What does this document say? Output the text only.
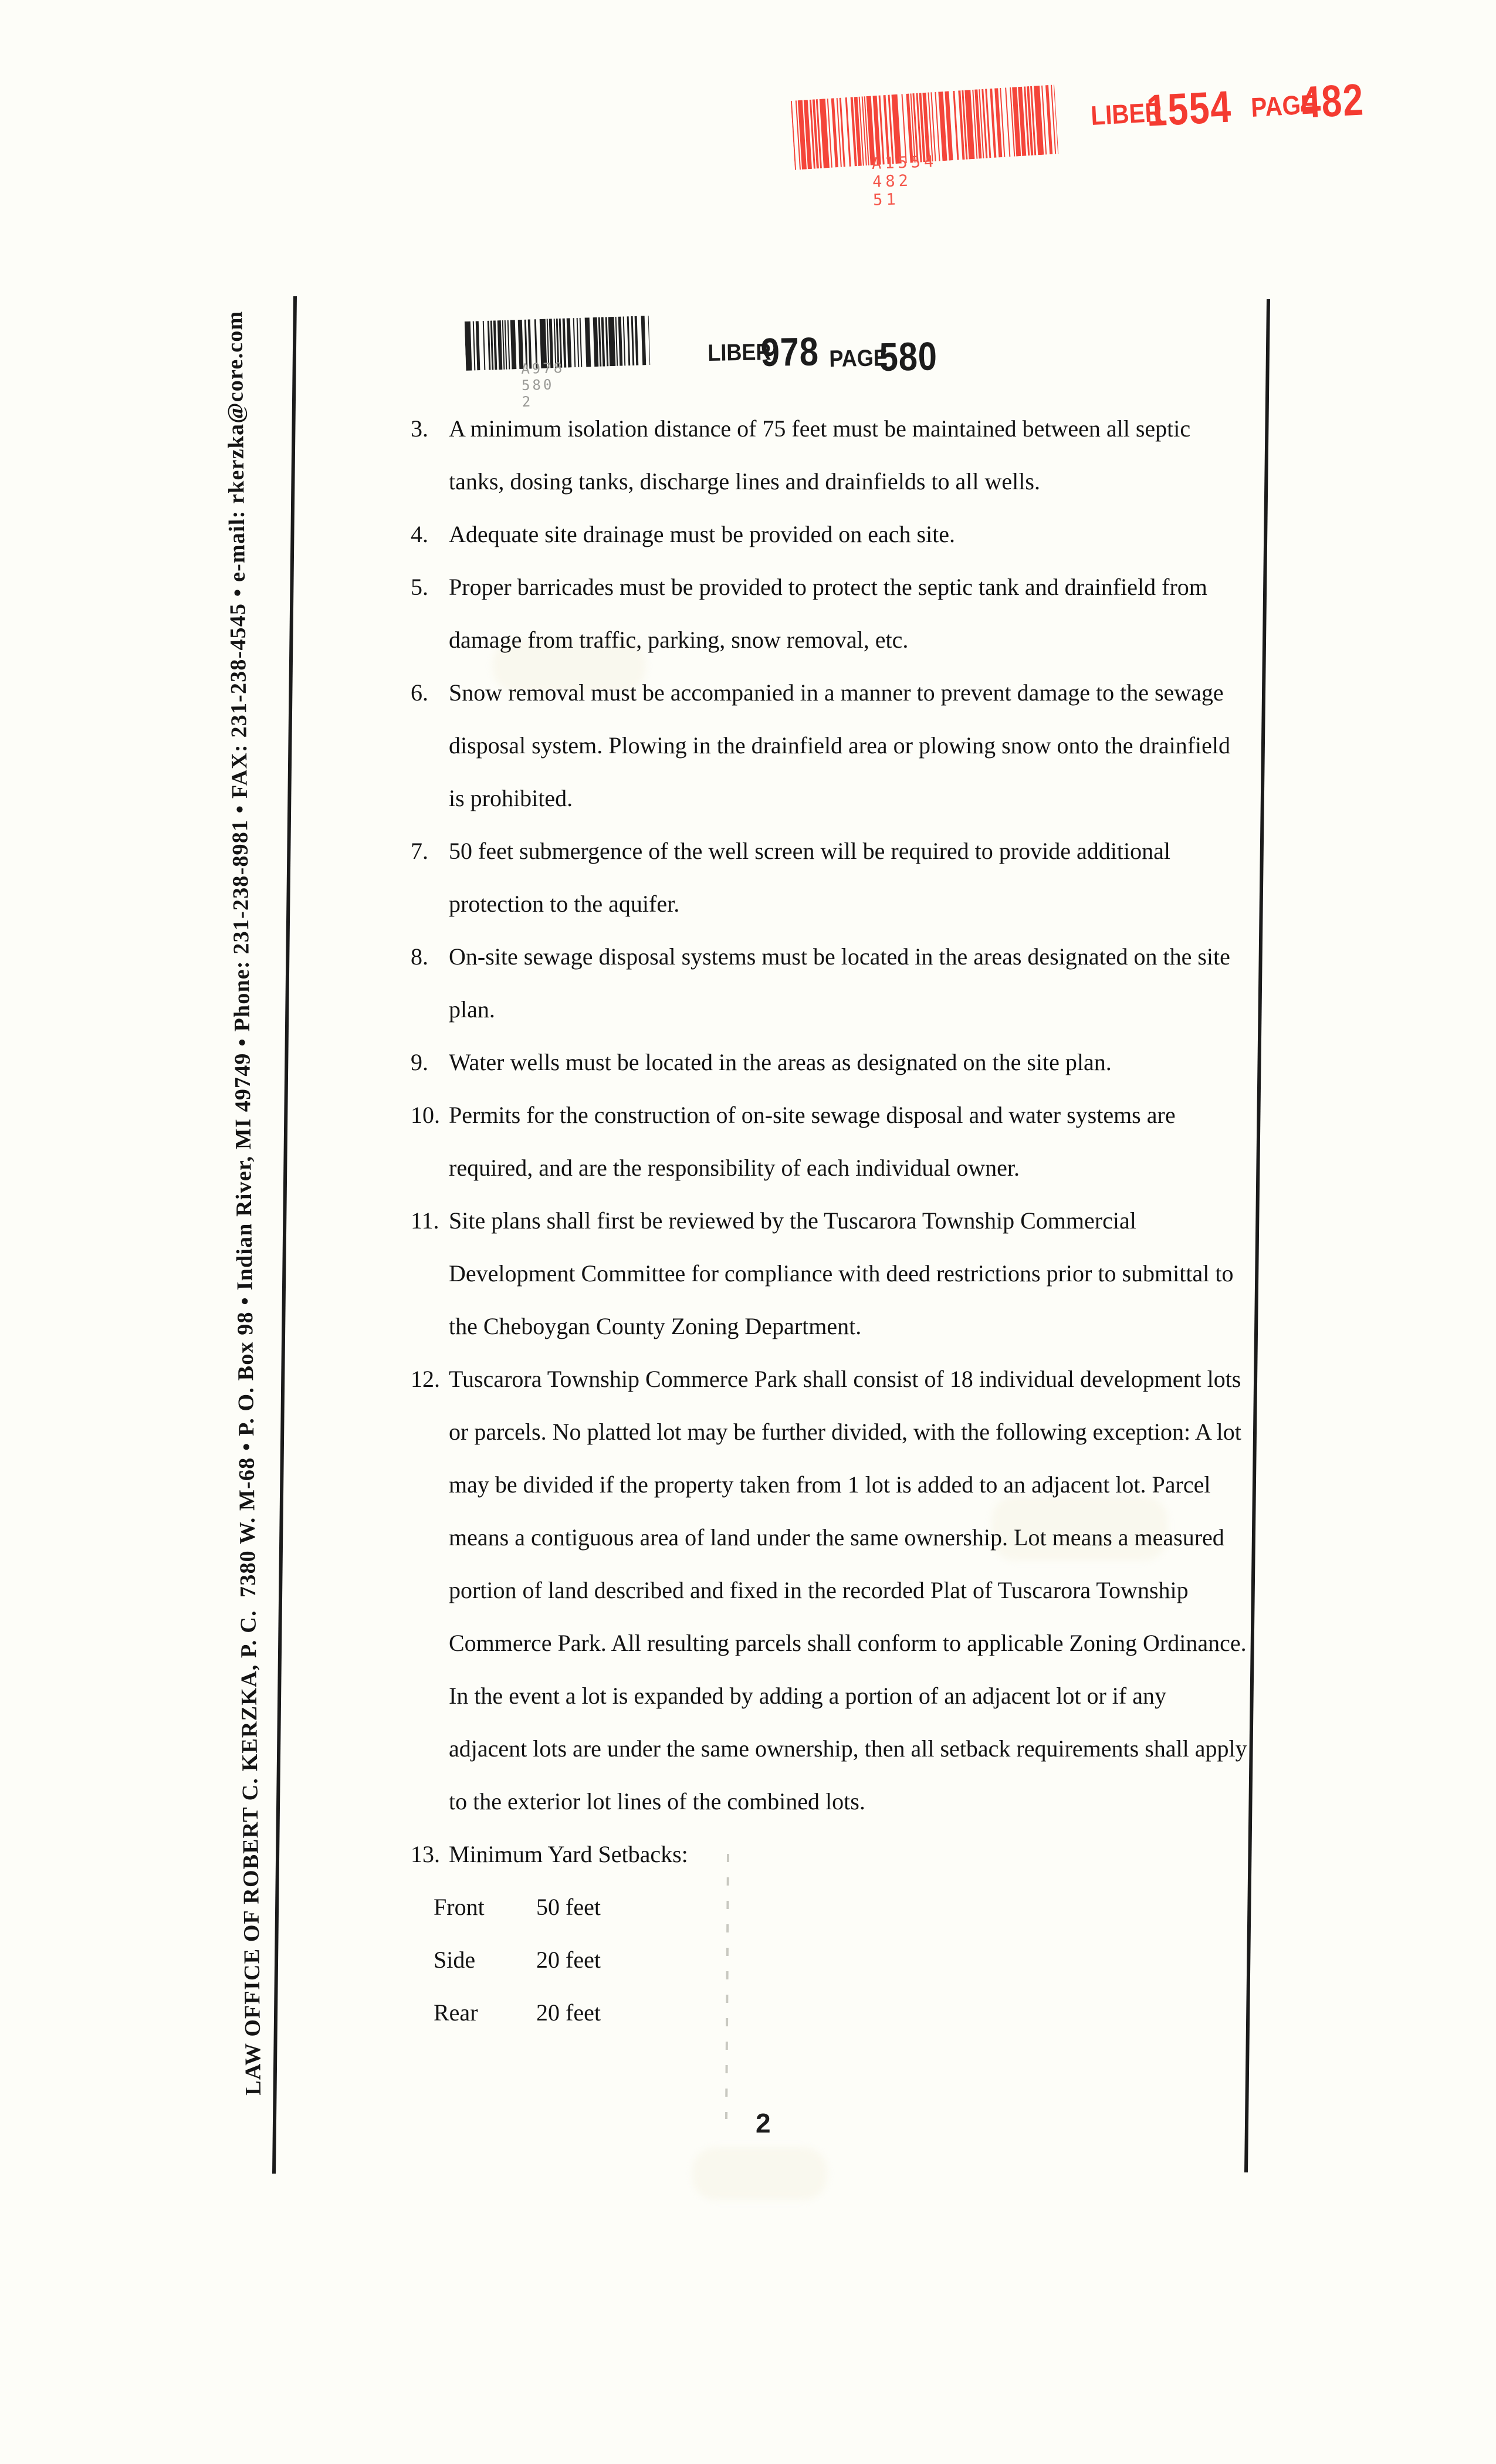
A1554 482 51
LIBER
1554 PAGE
482
A978 580 2
LIBER
978 PAGE
580
LAW OFFICE OF ROBERT C. KERZKA, P. C.  7380 W. M-68 • P. O. Box 98 • Indian River, MI 49749 • Phone: 231-238-8981 • FAX: 231-238-4545 • e-mail: rkerzka@core.com	3. A minimum isolation distance of 75 feet must be maintained between all septic tanks, dosing tanks, discharge lines and drainfields to all wells.
4. Adequate site drainage must be provided on each site.
5. Proper barricades must be provided to protect the septic tank and drainfield from damage from traffic, parking, snow removal, etc.
6. Snow removal must be accompanied in a manner to prevent damage to the sewage disposal system. Plowing in the drainfield area or plowing snow onto the drainfield is prohibited.
7. 50 feet submergence of the well screen will be required to provide additional protection to the aquifer.
8. On-site sewage disposal systems must be located in the areas designated on the site plan.
9. Water wells must be located in the areas as designated on the site plan.
10. Permits for the construction of on-site sewage disposal and water systems are required, and are the responsibility of each individual owner.
11. Site plans shall first be reviewed by the Tuscarora Township Commercial Development Committee for compliance with deed restrictions prior to submittal to the Cheboygan County Zoning Department.
12. Tuscarora Township Commerce Park shall consist of 18 individual development lots or parcels. No platted lot may be further divided, with the following exception: A lot may be divided if the property taken from 1 lot is added to an adjacent lot. Parcel means a contiguous area of land under the same ownership. Lot means a measured portion of land described and fixed in the recorded Plat of Tuscarora Township Commerce Park. All resulting parcels shall conform to applicable Zoning Ordinance. In the event a lot is expanded by adding a portion of an adjacent lot or if any adjacent lots are under the same ownership, then all setback requirements shall apply to the exterior lot lines of the combined lots.
13. Minimum Yard Setbacks:
Front	50 feet
Side	20 feet
Rear	20 feet
2
